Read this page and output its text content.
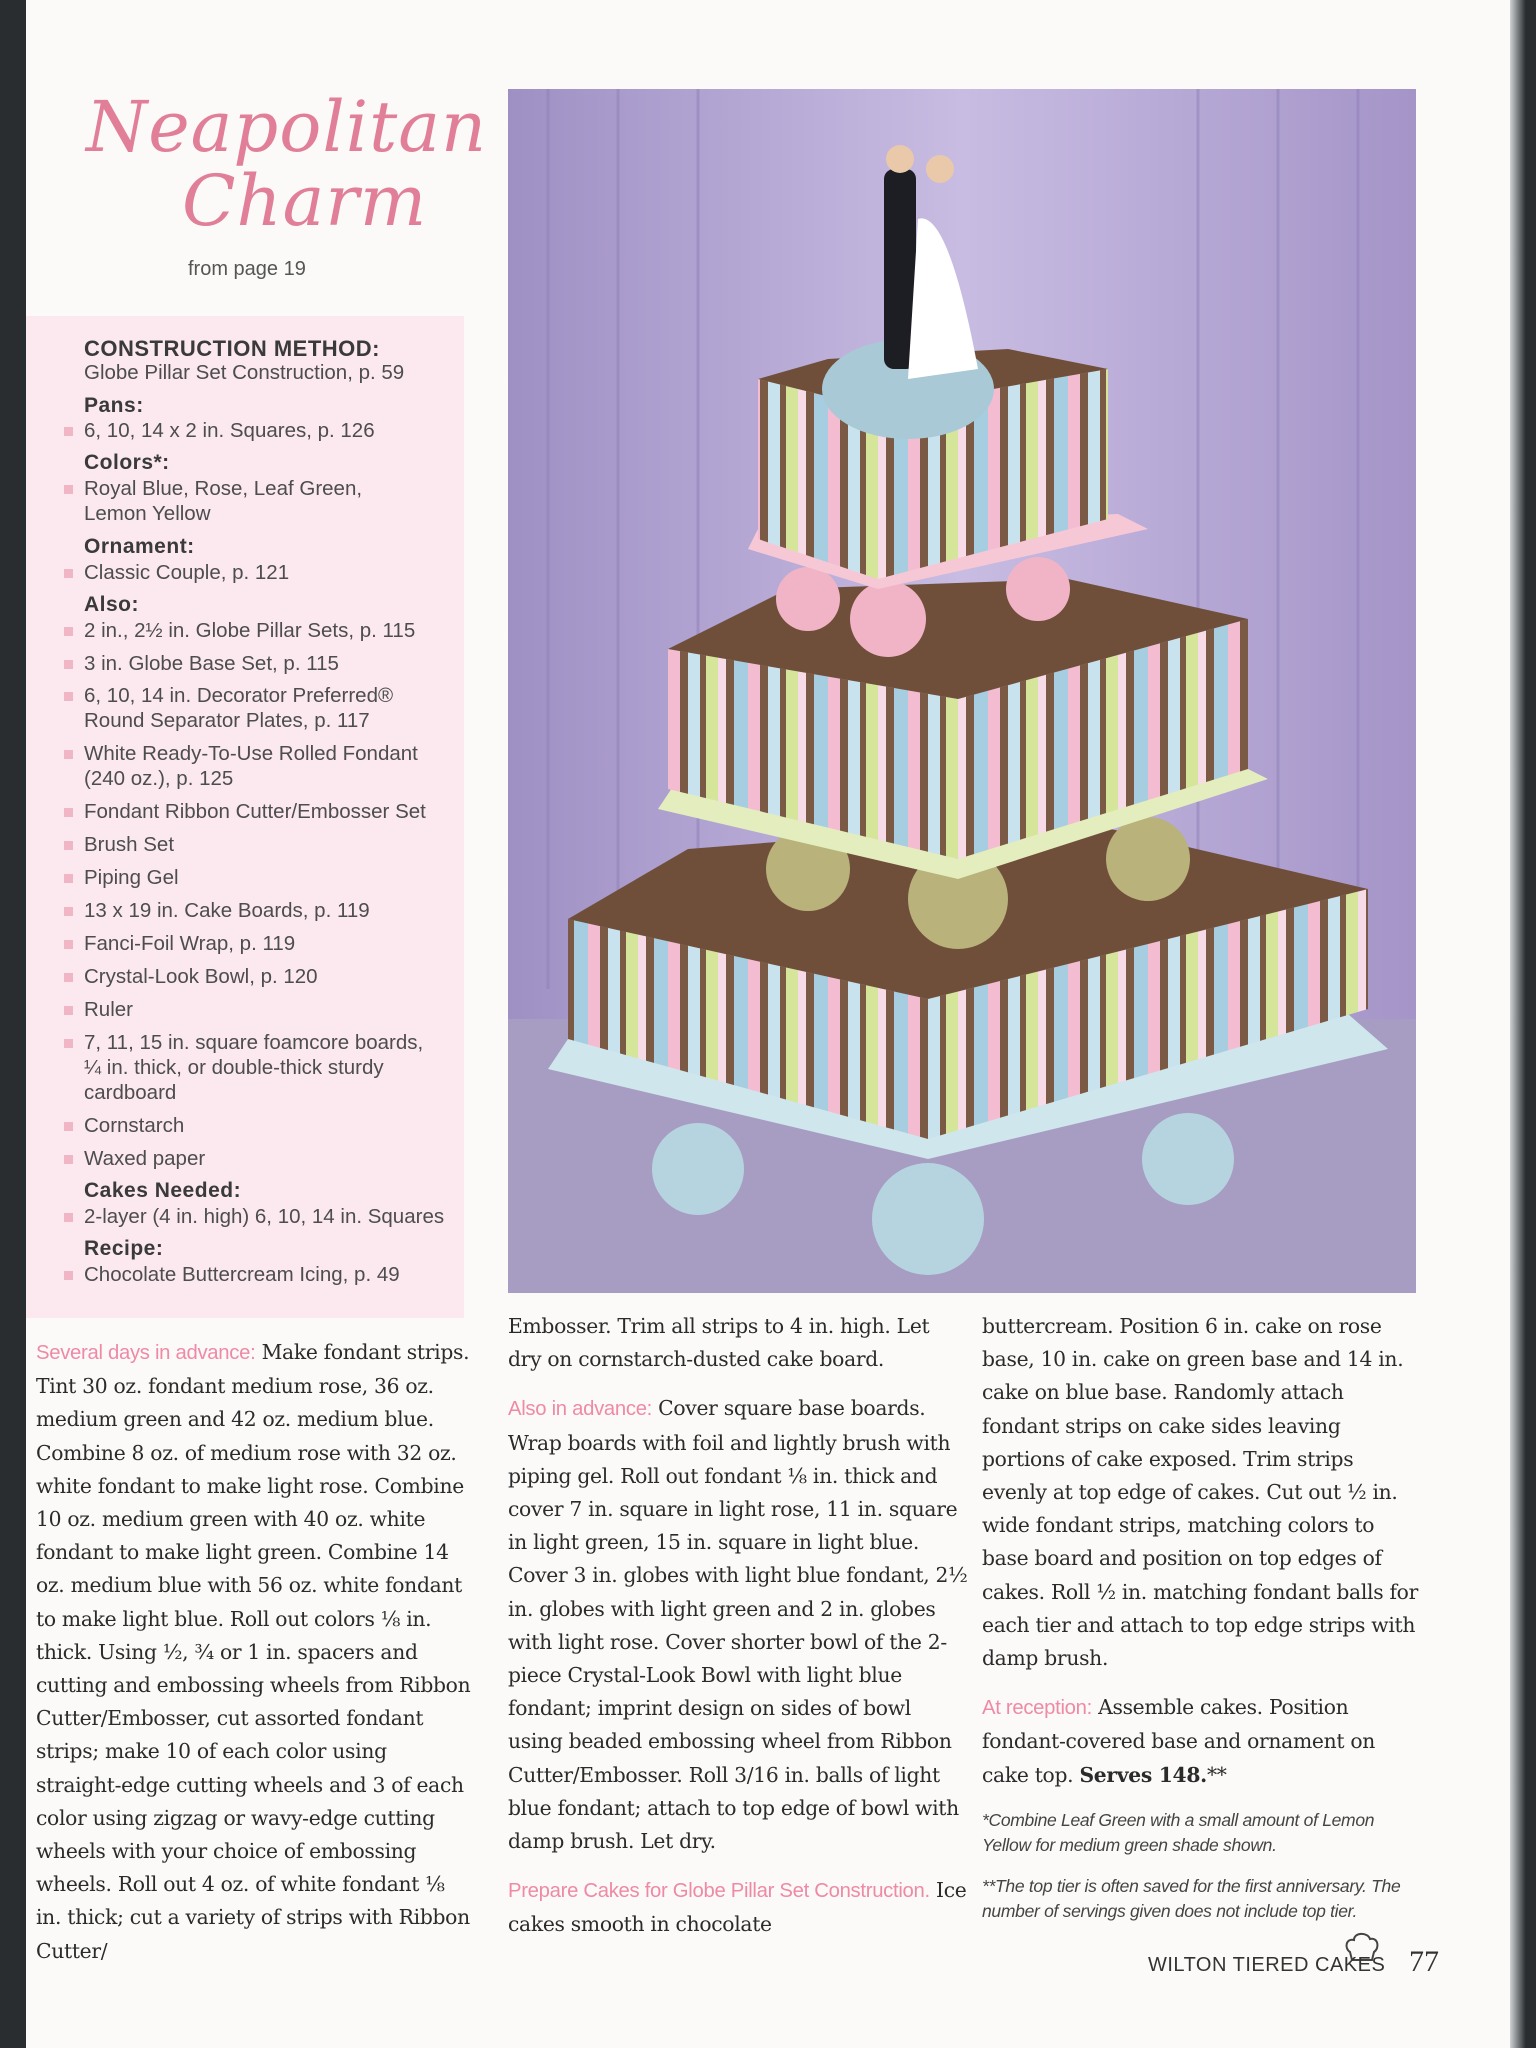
Neapolitan
Charm
from page 19
CONSTRUCTION METHOD:
Globe Pillar Set Construction, p. 59
Pans:
6, 10, 14 x 2 in. Squares, p. 126
Colors*:
Royal Blue, Rose, Leaf Green,
Lemon Yellow
Ornament:
Classic Couple, p. 121
Also:
2 in., 2½ in. Globe Pillar Sets, p. 115
3 in. Globe Base Set, p. 115
6, 10, 14 in. Decorator Preferred®
Round Separator Plates, p. 117
White Ready-To-Use Rolled Fondant
(240 oz.), p. 125
Fondant Ribbon Cutter/Embosser Set
Brush Set
Piping Gel
13 x 19 in. Cake Boards, p. 119
Fanci-Foil Wrap, p. 119
Crystal-Look Bowl, p. 120
Ruler
7, 11, 15 in. square foamcore boards,
¼ in. thick, or double-thick sturdy
cardboard
Cornstarch
Waxed paper
Cakes Needed:
2-layer (4 in. high) 6, 10, 14 in. Squares
Recipe:
Chocolate Buttercream Icing, p. 49

Several days in advance: Make fondant strips. Tint 30 oz. fondant medium rose, 36 oz. medium green and 42 oz. medium blue. Combine 8 oz. of medium rose with 32 oz. white fondant to make light rose. Combine 10 oz. medium green with 40 oz. white fondant to make light green. Combine 14 oz. medium blue with 56 oz. white fondant to make light blue. Roll out colors ⅛ in. thick. Using ½, ¾ or 1 in. spacers and cutting and embossing wheels from Ribbon Cutter/Embosser, cut assorted fondant strips; make 10 of each color using straight-edge cutting wheels and 3 of each color using zigzag or wavy-edge cutting wheels with your choice of embossing wheels. Roll out 4 oz. of white fondant ⅛ in. thick; cut a variety of strips with Ribbon Cutter/

Embosser. Trim all strips to 4 in. high. Let dry on cornstarch-dusted cake board.

Also in advance: Cover square base boards. Wrap boards with foil and lightly brush with piping gel. Roll out fondant ⅛ in. thick and cover 7 in. square in light rose, 11 in. square in light green, 15 in. square in light blue. Cover 3 in. globes with light blue fondant, 2½ in. globes with light green and 2 in. globes with light rose. Cover shorter bowl of the 2-piece Crystal-Look Bowl with light blue fondant; imprint design on sides of bowl using beaded embossing wheel from Ribbon Cutter/Embosser. Roll 3/16 in. balls of light blue fondant; attach to top edge of bowl with damp brush. Let dry.

Prepare Cakes for Globe Pillar Set Construction. Ice cakes smooth in chocolate

buttercream. Position 6 in. cake on rose base, 10 in. cake on green base and 14 in. cake on blue base. Randomly attach fondant strips on cake sides leaving portions of cake exposed. Trim strips evenly at top edge of cakes. Cut out ½ in. wide fondant strips, matching colors to base board and position on top edges of cakes. Roll ½ in. matching fondant balls for each tier and attach to top edge strips with damp brush.

At reception: Assemble cakes. Position fondant-covered base and ornament on cake top. Serves 148.**

*Combine Leaf Green with a small amount of Lemon Yellow for medium green shade shown.
**The top tier is often saved for the first anniversary. The number of servings given does not include top tier.
WILTON TIERED CAKES 77
